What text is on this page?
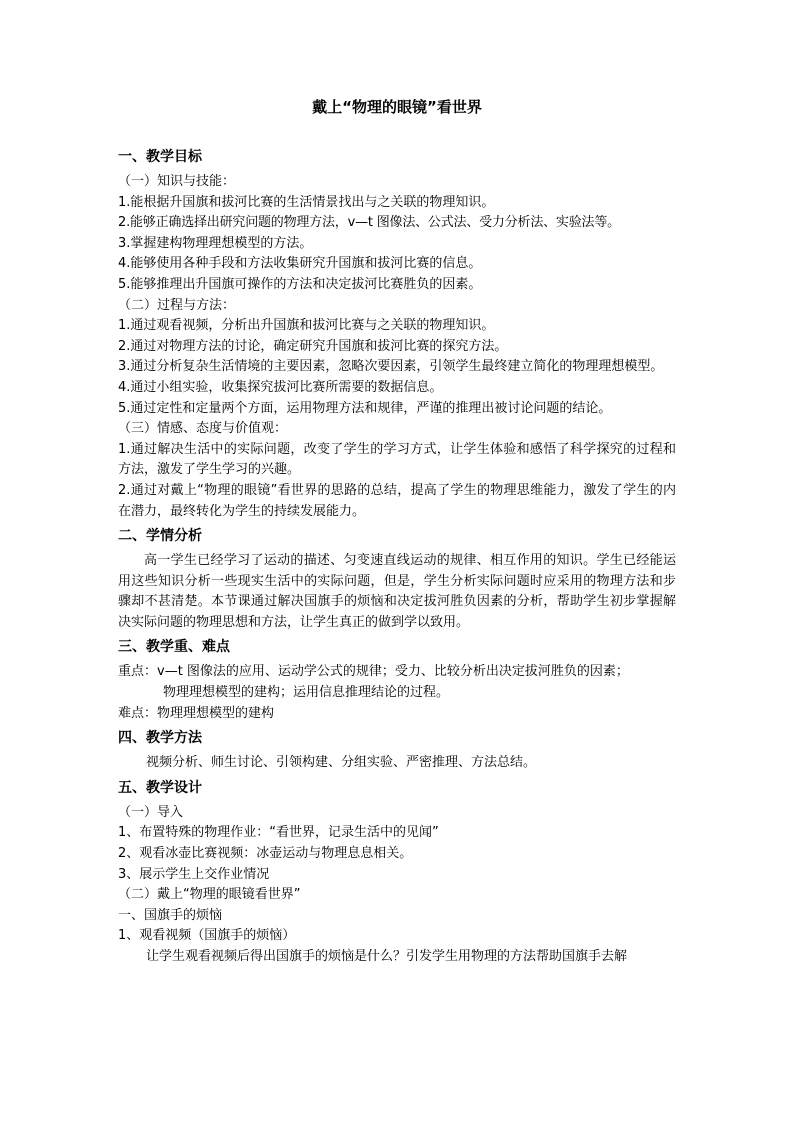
戴上“物理的眼镜”看世界
一、教学目标

（一）知识与技能：

1.能根据升国旗和拔河比赛的生活情景找出与之关联的物理知识。

2.能够正确选择出研究问题的物理方法，v—t 图像法、公式法、受力分析法、实验法等。

3.掌握建构物理理想模型的方法。

4.能够使用各种手段和方法收集研究升国旗和拔河比赛的信息。

5.能够推理出升国旗可操作的方法和决定拔河比赛胜负的因素。

（二）过程与方法：

1.通过观看视频，分析出升国旗和拔河比赛与之关联的物理知识。

2.通过对物理方法的讨论，确定研究升国旗和拔河比赛的探究方法。

3.通过分析复杂生活情境的主要因素，忽略次要因素，引领学生最终建立简化的物理理想模型。

4.通过小组实验，收集探究拔河比赛所需要的数据信息。

5.通过定性和定量两个方面，运用物理方法和规律，严谨的推理出被讨论问题的结论。

（三）情感、态度与价值观：

1.通过解决生活中的实际问题，改变了学生的学习方式，让学生体验和感悟了科学探究的过程和方法，激发了学生学习的兴趣。

2.通过对戴上“物理的眼镜”看世界的思路的总结，提高了学生的物理思维能力，激发了学生的内在潜力，最终转化为学生的持续发展能力。

二、学情分析

高一学生已经学习了运动的描述、匀变速直线运动的规律、相互作用的知识。学生已经能运用这些知识分析一些现实生活中的实际问题，但是，学生分析实际问题时应采用的物理方法和步骤却不甚清楚。本节课通过解决国旗手的烦恼和决定拔河胜负因素的分析，帮助学生初步掌握解决实际问题的物理思想和方法，让学生真正的做到学以致用。

三、教学重、难点

重点：v—t 图像法的应用、运动学公式的规律；受力、比较分析出决定拔河胜负的因素；

物理理想模型的建构；运用信息推理结论的过程。

难点：物理理想模型的建构

四、教学方法

视频分析、师生讨论、引领构建、分组实验、严密推理、方法总结。

五、教学设计

（一）导入

1、布置特殊的物理作业：“看世界，记录生活中的见闻”

2、观看冰壶比赛视频：冰壶运动与物理息息相关。

3、展示学生上交作业情况

（二）戴上“物理的眼镜看世界”

一、国旗手的烦恼

1、观看视频（国旗手的烦恼）

让学生观看视频后得出国旗手的烦恼是什么？引发学生用物理的方法帮助国旗手去解
